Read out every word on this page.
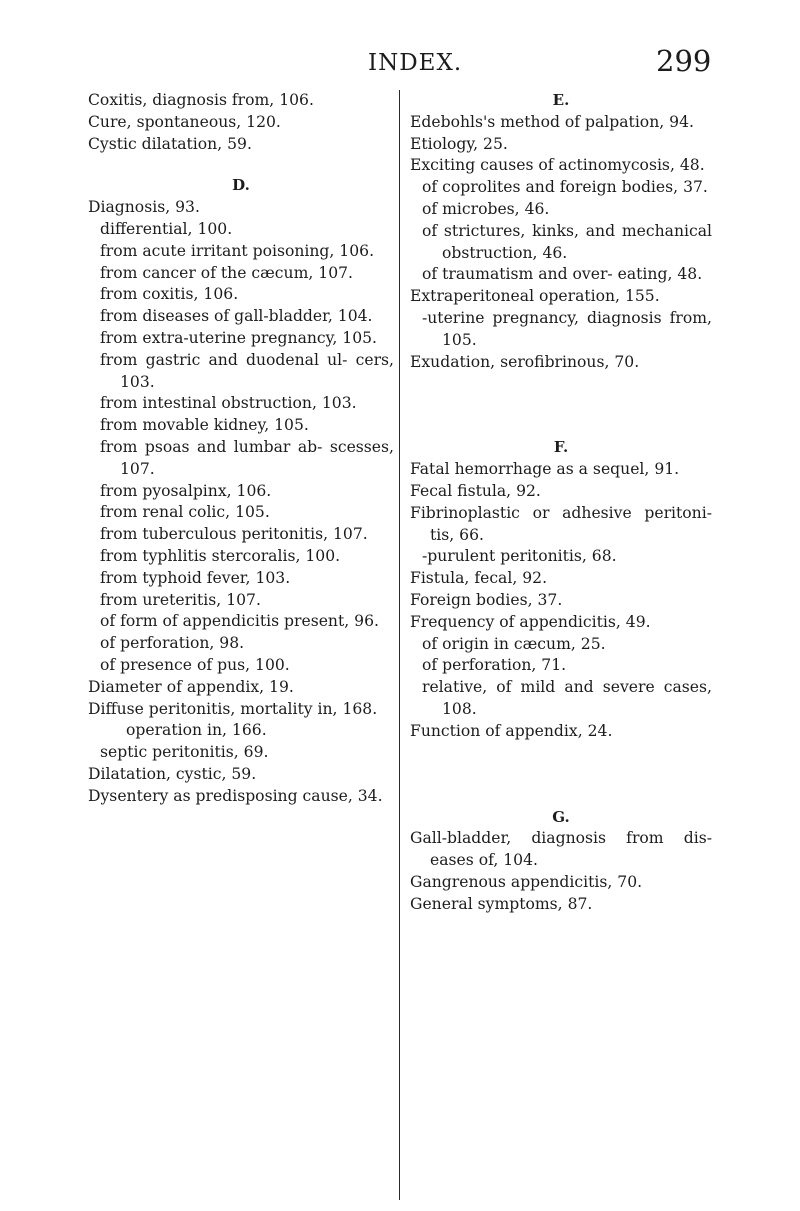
INDEX.	299

Coxitis, diagnosis from, 106.

Cure, spontaneous, 120.

Cystic dilatation, 59.

D.

Diagnosis, 93.

differential, 100.

from acute irritant poisoning, 106.

from cancer of the cæcum, 107.

from coxitis, 106.

from diseases of gall-bladder, 104.

from extra-uterine pregnancy, 105.

from gastric and duodenal ul- cers, 103.

from intestinal obstruction, 103.

from movable kidney, 105.

from psoas and lumbar ab- scesses, 107.

from pyosalpinx, 106.

from renal colic, 105.

from tuberculous peritonitis, 107.

from typhlitis stercoralis, 100.

from typhoid fever, 103.

from ureteritis, 107.

of form of appendicitis present, 96.

of perforation, 98.

of presence of pus, 100.

Diameter of appendix, 19.

Diffuse peritonitis, mortality in, 168.

operation in, 166.

septic peritonitis, 69.

Dilatation, cystic, 59.

Dysentery as predisposing cause, 34.

E.

Edebohls's method of palpation, 94.

Etiology, 25.

Exciting causes of actinomycosis, 48.

of coprolites and foreign bodies, 37.

of microbes, 46.

of strictures, kinks, and mechanical obstruction, 46.

of traumatism and over- eating, 48.

Extraperitoneal operation, 155.

-uterine pregnancy, diagnosis from, 105.

Exudation, serofibrinous, 70.

F.

Fatal hemorrhage as a sequel, 91.

Fecal fistula, 92.

Fibrinoplastic or adhesive peritoni- tis, 66.

-purulent peritonitis, 68.

Fistula, fecal, 92.

Foreign bodies, 37.

Frequency of appendicitis, 49.

of origin in cæcum, 25.

of perforation, 71.

relative, of mild and severe cases, 108.

Function of appendix, 24.

G.

Gall-bladder, diagnosis from dis- eases of, 104.

Gangrenous appendicitis, 70.

General symptoms, 87.
